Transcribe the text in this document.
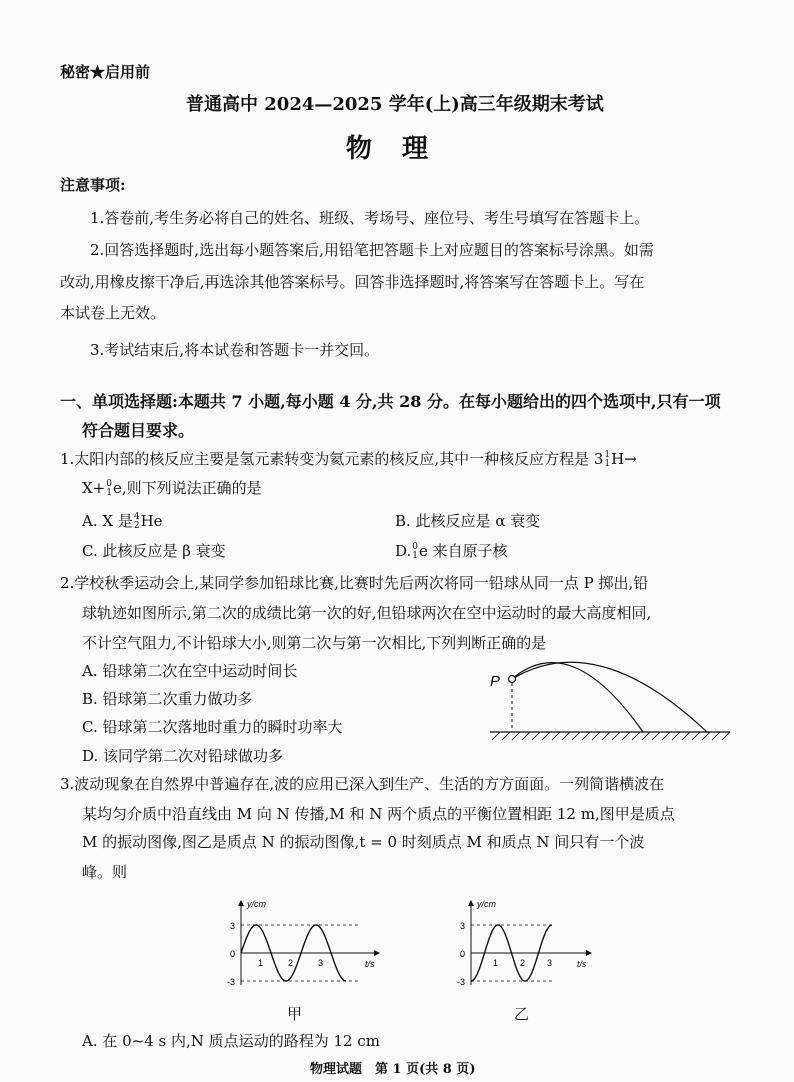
秘密★启用前
普通高中 2024—2025 学年(上)高三年级期末考试
物　理
注意事项:
1.答卷前,考生务必将自己的姓名、班级、考场号、座位号、考生号填写在答题卡上。
2.回答选择题时,选出每小题答案后,用铅笔把答题卡上对应题目的答案标号涂黑。如需
改动,用橡皮擦干净后,再选涂其他答案标号。回答非选择题时,将答案写在答题卡上。写在
本试卷上无效。
3.考试结束后,将本试卷和答题卡一并交回。
一、单项选择题:本题共 7 小题,每小题 4 分,共 28 分。在每小题给出的四个选项中,只有一项
符合题目要求。
1.太阳内部的核反应主要是氢元素转变为氦元素的核反应,其中一种核反应方程是 3 1
1 H→
X+ 0
1 e,则下列说法正确的是
A. X 是 4
2 He	B. 此核反应是 α 衰变
C. 此核反应是 β 衰变	D. 0
1 e 来自原子核
2.学校秋季运动会上,某同学参加铅球比赛,比赛时先后两次将同一铅球从同一点 P 掷出,铅
球轨迹如图所示,第二次的成绩比第一次的好,但铅球两次在空中运动时的最大高度相同,
不计空气阻力,不计铅球大小,则第二次与第一次相比,下列判断正确的是
A. 铅球第二次在空中运动时间长
B. 铅球第二次重力做功多
C. 铅球第二次落地时重力的瞬时功率大
D. 该同学第二次对铅球做功多
P
3.波动现象在自然界中普遍存在,波的应用已深入到生产、生活的方方面面。一列简谐横波在
某均匀介质中沿直线由 M 向 N 传播,M 和 N 两个质点的平衡位置相距 12 m,图甲是质点
M 的振动图像,图乙是质点 N 的振动图像,t = 0 时刻质点 M 和质点 N 间只有一个波
峰。则
y/cm
t/s
3
0
-3
1	2	3
甲
y/cm
t/s
3
0
-3
1 2 3
乙
A. 在 0~4 s 内,N 质点运动的路程为 12 cm
物理试题　第 1 页(共 8 页)
